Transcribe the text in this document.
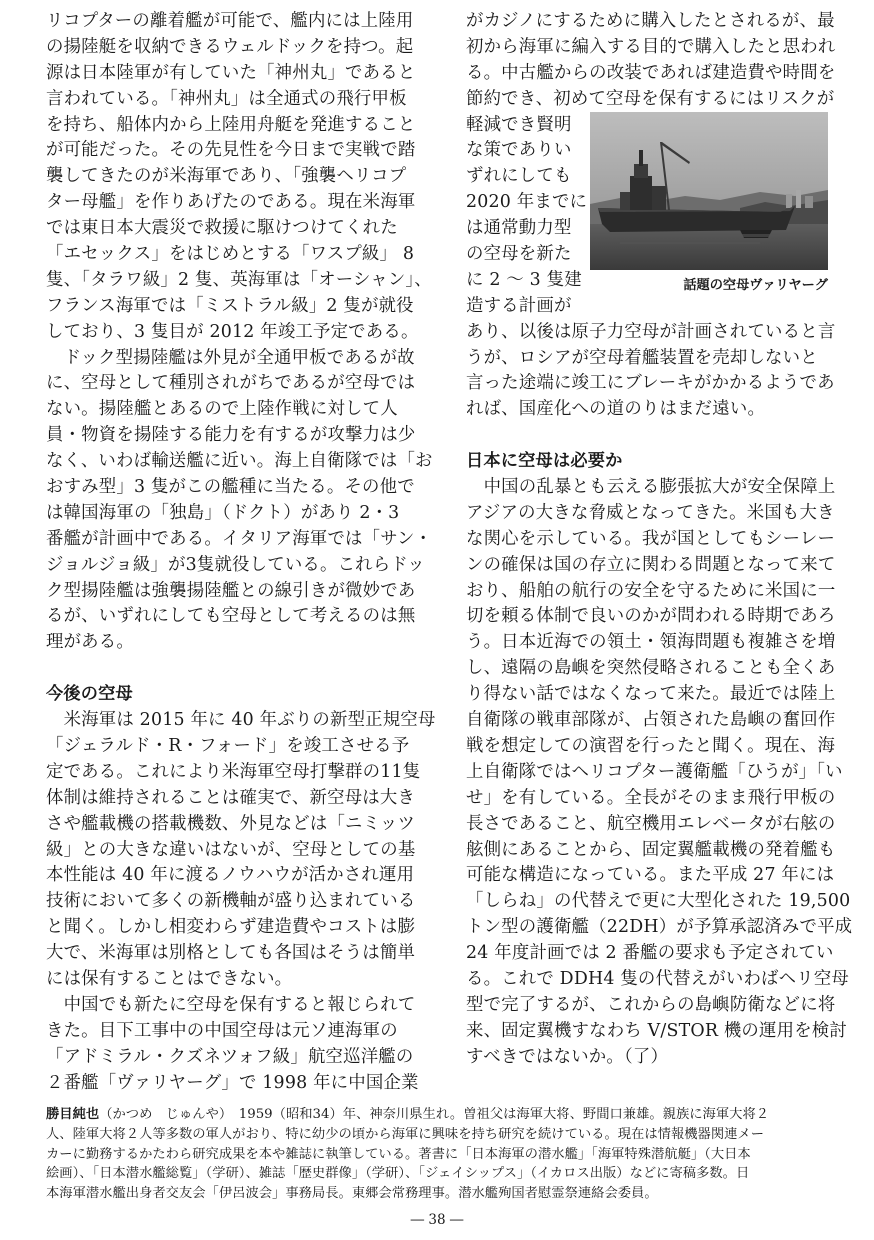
リコプターの離着艦が可能で、艦内には上陸用
の揚陸艇を収納できるウェルドックを持つ。起
源は日本陸軍が有していた「神州丸」であると
言われている。「神州丸」は全通式の飛行甲板
を持ち、船体内から上陸用舟艇を発進すること
が可能だった。その先見性を今日まで実戦で踏
襲してきたのが米海軍であり、「強襲ヘリコプ
ター母艦」を作りあげたのである。現在米海軍
では東日本大震災で救援に駆けつけてくれた
「エセックス」をはじめとする「ワスプ級」 8
隻、「タラワ級」2 隻、英海軍は「オーシャン」、
フランス海軍では「ミストラル級」2 隻が就役
しており、3 隻目が 2012 年竣工予定である。
　ドック型揚陸艦は外見が全通甲板であるが故
に、空母として種別されがちであるが空母では
ない。揚陸艦とあるので上陸作戦に対して人
員・物資を揚陸する能力を有するが攻撃力は少
なく、いわば輸送艦に近い。海上自衛隊では「お
おすみ型」3 隻がこの艦種に当たる。その他で
は韓国海軍の「独島」（ドクト）があり 2・3
番艦が計画中である。イタリア海軍では「サン・
ジョルジョ級」が3隻就役している。これらドッ
ク型揚陸艦は強襲揚陸艦との線引きが微妙であ
るが、いずれにしても空母として考えるのは無
理がある。
今後の空母
　米海軍は 2015 年に 40 年ぶりの新型正規空母
「ジェラルド・R・フォード」を竣工させる予
定である。これにより米海軍空母打撃群の11隻
体制は維持されることは確実で、新空母は大き
さや艦載機の搭載機数、外見などは「ニミッツ
級」との大きな違いはないが、空母としての基
本性能は 40 年に渡るノウハウが活かされ運用
技術において多くの新機軸が盛り込まれている
と聞く。しかし相変わらず建造費やコストは膨
大で、米海軍は別格としても各国はそうは簡単
には保有することはできない。
　中国でも新たに空母を保有すると報じられて
きた。目下工事中の中国空母は元ソ連海軍の
「アドミラル・クズネツォフ級」航空巡洋艦の
２番艦「ヴァリヤーグ」で 1998 年に中国企業
がカジノにするために購入したとされるが、最
初から海軍に編入する目的で購入したと思われ
る。中古艦からの改装であれば建造費や時間を
節約でき、初めて空母を保有するにはリスクが
軽減でき賢明
な策でありい
ずれにしても
2020 年までに
は通常動力型
の空母を新た
に 2 ～ 3 隻建
造する計画が
あり、以後は原子力空母が計画されていると言
うが、ロシアが空母着艦装置を売却しないと
言った途端に竣工にブレーキがかかるようであ
れば、国産化への道のりはまだ遠い。
日本に空母は必要か
　中国の乱暴とも云える膨張拡大が安全保障上
アジアの大きな脅威となってきた。米国も大き
な関心を示している。我が国としてもシーレー
ンの確保は国の存立に関わる問題となって来て
おり、船舶の航行の安全を守るために米国に一
切を頼る体制で良いのかが問われる時期であろ
う。日本近海での領土・領海問題も複雑さを増
し、遠隔の島嶼を突然侵略されることも全くあ
り得ない話ではなくなって来た。最近では陸上
自衛隊の戦車部隊が、占領された島嶼の奮回作
戦を想定しての演習を行ったと聞く。現在、海
上自衛隊ではヘリコプター護衛艦「ひうが」「い
せ」を有している。全長がそのまま飛行甲板の
長さであること、航空機用エレベータが右舷の
舷側にあることから、固定翼艦載機の発着艦も
可能な構造になっている。また平成 27 年には
「しらね」の代替えで更に大型化された 19,500
トン型の護衛艦（22DH）が予算承認済みで平成
24 年度計画では 2 番艦の要求も予定されてい
る。これで DDH4 隻の代替えがいわばヘリ空母
型で完了するが、これからの島嶼防衛などに将
来、固定翼機すなわち V/STOR 機の運用を検討
すべきではないか。（了）
話題の空母ヴァリヤーグ
勝目純也（かつめ　じゅんや）　1959（昭和34）年、神奈川県生れ。曽祖父は海軍大将、野間口兼雄。親族に海軍大将２
人、陸軍大将２人等多数の軍人がおり、特に幼少の頃から海軍に興味を持ち研究を続けている。現在は情報機器関連メー
カーに勤務するかたわら研究成果を本や雑誌に執筆している。著書に「日本海軍の潜水艦」「海軍特殊潜航艇」（大日本
絵画）、「日本潜水艦総覧」（学研）、雑誌「歴史群像」（学研）、「ジェイシップス」（イカロス出版）などに寄稿多数。日
本海軍潜水艦出身者交友会「伊呂波会」事務局長。東郷会常務理事。潜水艦殉国者慰霊祭連絡会委員。
― 38 ―
